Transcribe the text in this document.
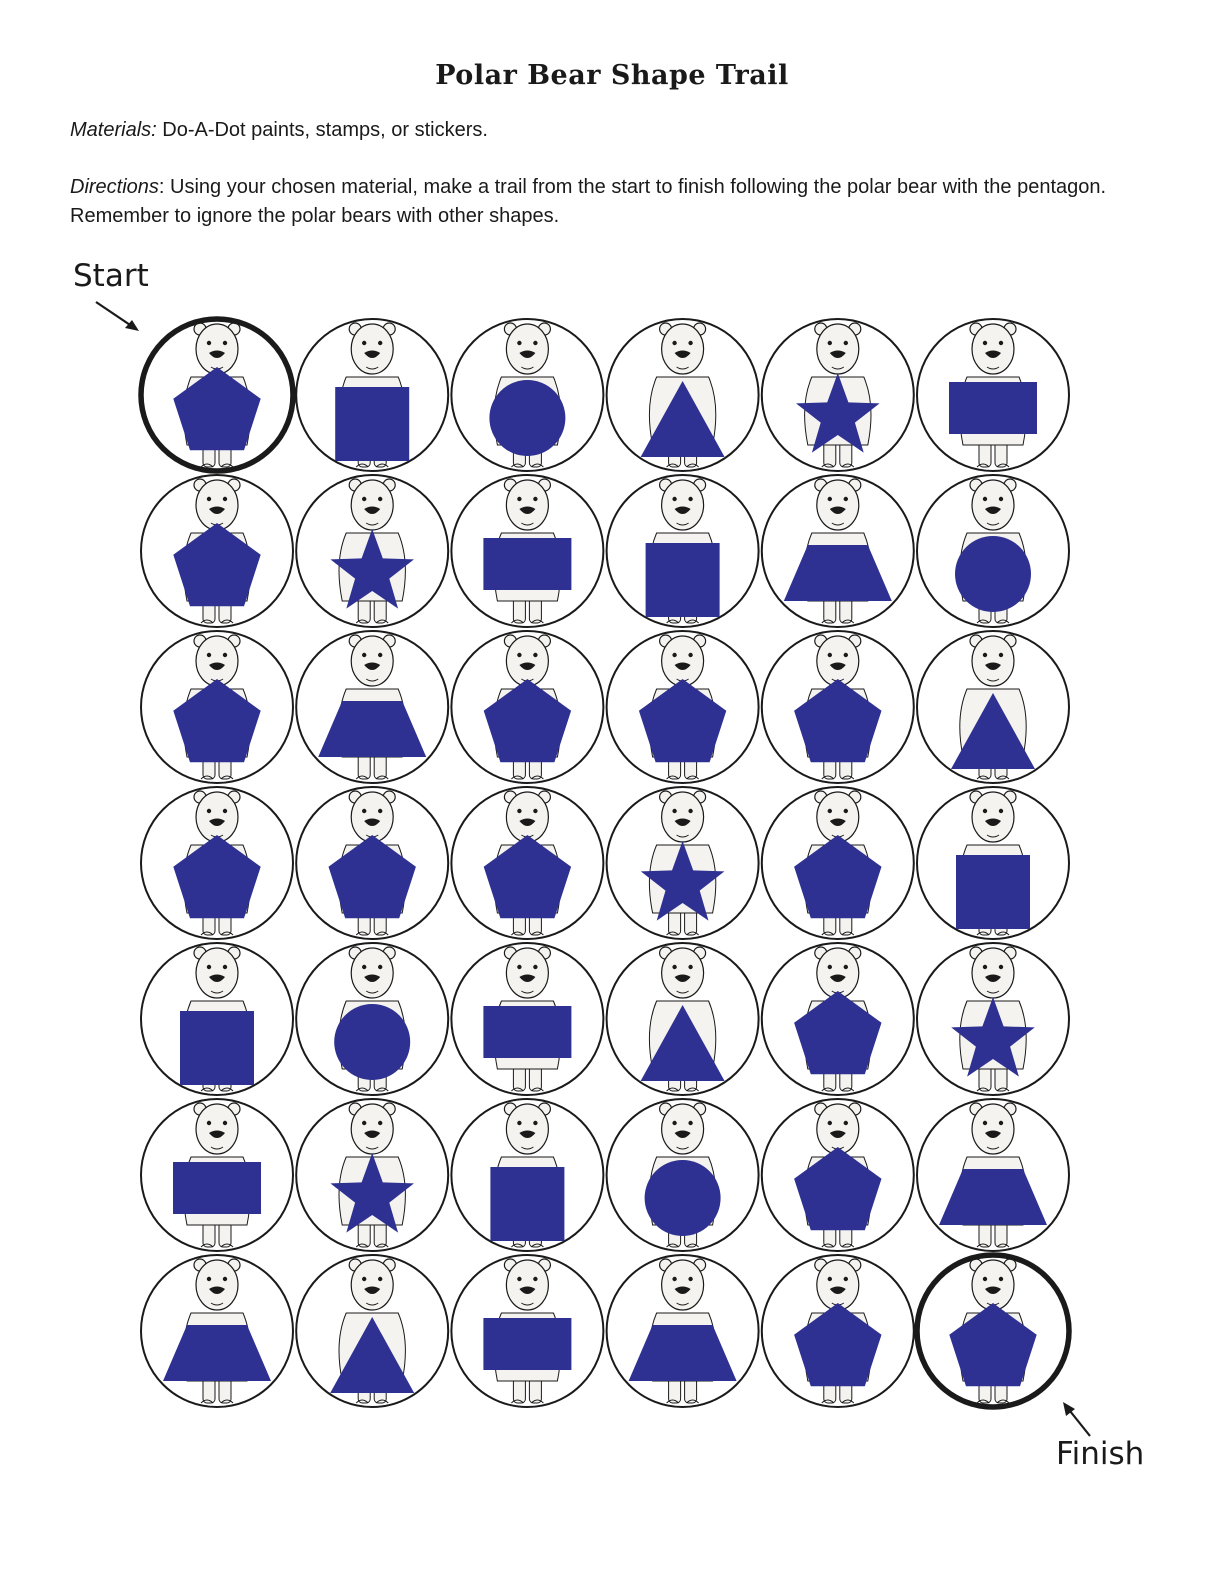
Polar Bear Shape Trail
Materials: Do-A-Dot paints, stamps, or stickers.
Directions: Using your chosen material, make a trail from the start to finish following the polar bear with the pentagon. Remember to ignore the polar bears with other shapes.
Start
Finish
